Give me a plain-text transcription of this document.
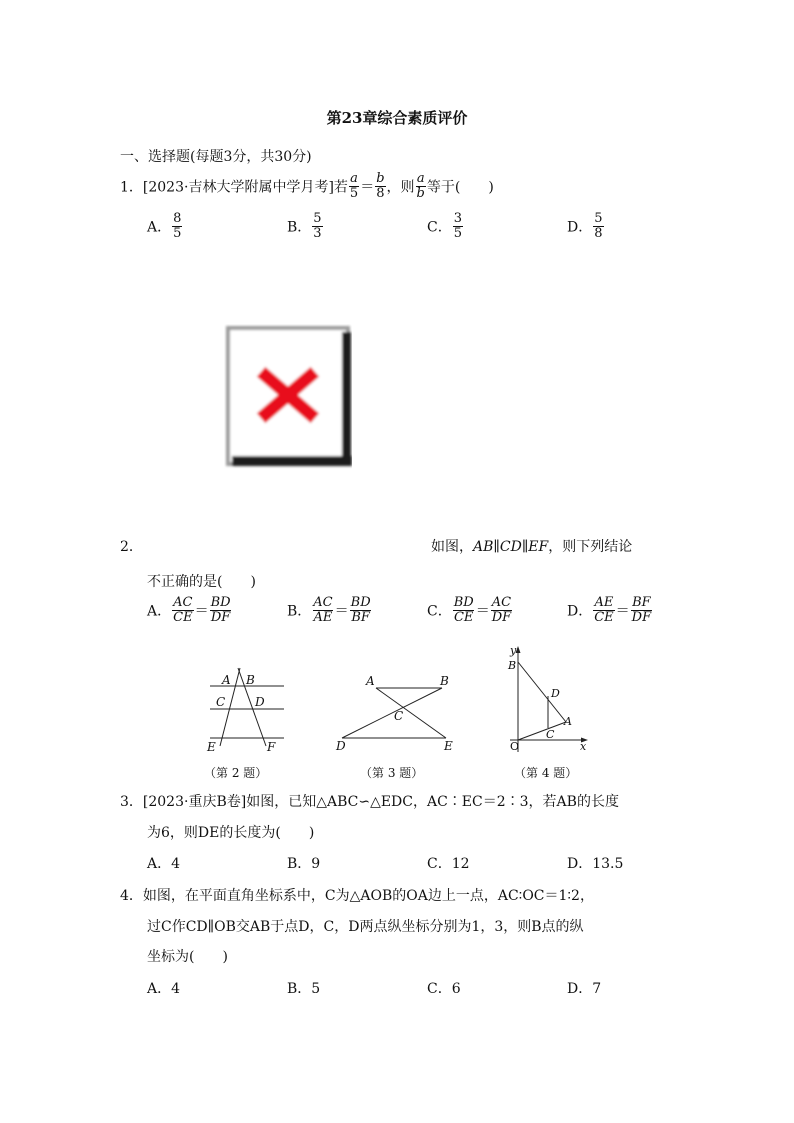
第23章综合素质评价
一、选择题(每题3分，共30分)
1．[2023·吉林大学附属中学月考]若 $\frac{a}{5} = \frac{b}{8}$ ，则 $\frac{a}{b}$ 等于(　　)
A． $\frac{8}{5}$	B． $\frac{5}{3}$	C． $\frac{3}{5}$	D． $\frac{5}{8}$
2．	如图，AB∥CD∥EF，则下列结论
不正确的是(　　)
A． $\frac{AC}{CE} = \frac{BD}{DF}$	B． $\frac{AC}{AE} = \frac{BD}{BF}$	C． $\frac{BD}{CE} = \frac{AC}{DF}$	D． $\frac{AE}{CE} = \frac{BF}{DF}$
A B
C D
E	F
（第 2 题）
A	B
C
D	E
（第 3 题）
y
B
D
A
C
O	x
（第 4 题）
3．[2023·重庆B卷]如图，已知△ABC∽△EDC，AC∶EC＝2∶3，若AB的长度
为6，则DE的长度为(　　)
A．4	B．9	C．12	D．13.5
4．如图，在平面直角坐标系中，C为△AOB的OA边上一点，AC∶OC＝1∶2，
过C作CD∥OB交AB于点D，C，D两点纵坐标分别为1，3，则B点的纵
坐标为(　　)
A．4	B．5	C．6	D．7
